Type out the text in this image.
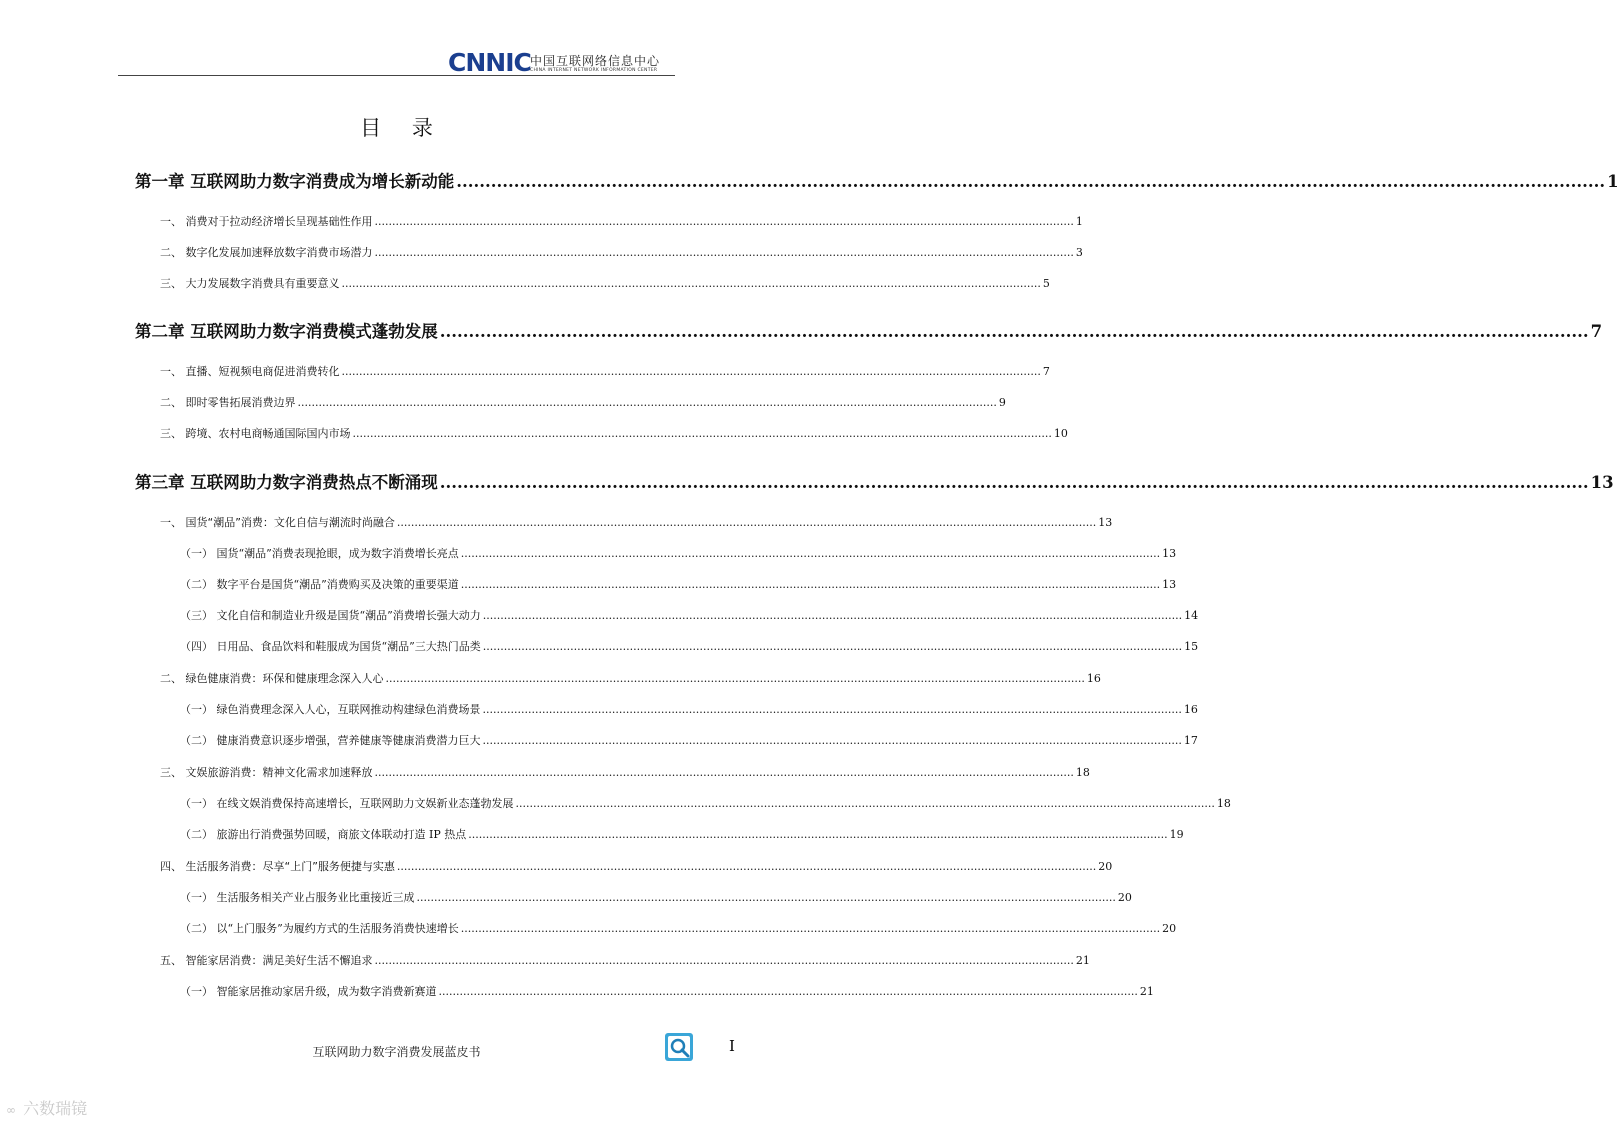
CNNIC 中国互联网络信息中心
CHINA INTERNET NETWORK INFORMATION CENTER
目 录
第一章 互联网助力数字消费成为增长新动能 ........................................................................................................................................................................................................ 1
一、 消费对于拉动经济增长呈现基础性作用 ........................................................................................................................................................................................................ 1
二、 数字化发展加速释放数字消费市场潜力 ........................................................................................................................................................................................................ 3
三、 大力发展数字消费具有重要意义 ........................................................................................................................................................................................................ 5
第二章 互联网助力数字消费模式蓬勃发展 ........................................................................................................................................................................................................ 7
一、 直播、短视频电商促进消费转化 ........................................................................................................................................................................................................ 7
二、 即时零售拓展消费边界 ........................................................................................................................................................................................................ 9
三、 跨境、农村电商畅通国际国内市场 ........................................................................................................................................................................................................ 10
第三章 互联网助力数字消费热点不断涌现 ........................................................................................................................................................................................................ 13
一、 国货“潮品”消费：文化自信与潮流时尚融合 ........................................................................................................................................................................................................ 13
（一） 国货“潮品”消费表现抢眼，成为数字消费增长亮点 ........................................................................................................................................................................................................ 13
（二） 数字平台是国货“潮品”消费购买及决策的重要渠道 ........................................................................................................................................................................................................ 13
（三） 文化自信和制造业升级是国货“潮品”消费增长强大动力 ........................................................................................................................................................................................................ 14
（四） 日用品、食品饮料和鞋服成为国货“潮品”三大热门品类 ........................................................................................................................................................................................................ 15
二、 绿色健康消费：环保和健康理念深入人心 ........................................................................................................................................................................................................ 16
（一） 绿色消费理念深入人心，互联网推动构建绿色消费场景 ........................................................................................................................................................................................................ 16
（二） 健康消费意识逐步增强，营养健康等健康消费潜力巨大 ........................................................................................................................................................................................................ 17
三、 文娱旅游消费：精神文化需求加速释放 ........................................................................................................................................................................................................ 18
（一） 在线文娱消费保持高速增长，互联网助力文娱新业态蓬勃发展 ........................................................................................................................................................................................................ 18
（二） 旅游出行消费强势回暖，商旅文体联动打造 IP 热点 ........................................................................................................................................................................................................ 19
四、 生活服务消费：尽享“上门”服务便捷与实惠 ........................................................................................................................................................................................................ 20
（一） 生活服务相关产业占服务业比重接近三成 ........................................................................................................................................................................................................ 20
（二） 以“上门服务”为履约方式的生活服务消费快速增长 ........................................................................................................................................................................................................ 20
五、 智能家居消费：满足美好生活不懈追求 ........................................................................................................................................................................................................ 21
（一） 智能家居推动家居升级，成为数字消费新赛道 ........................................................................................................................................................................................................ 21
互联网助力数字消费发展蓝皮书	I
∞ 六数瑞镜
